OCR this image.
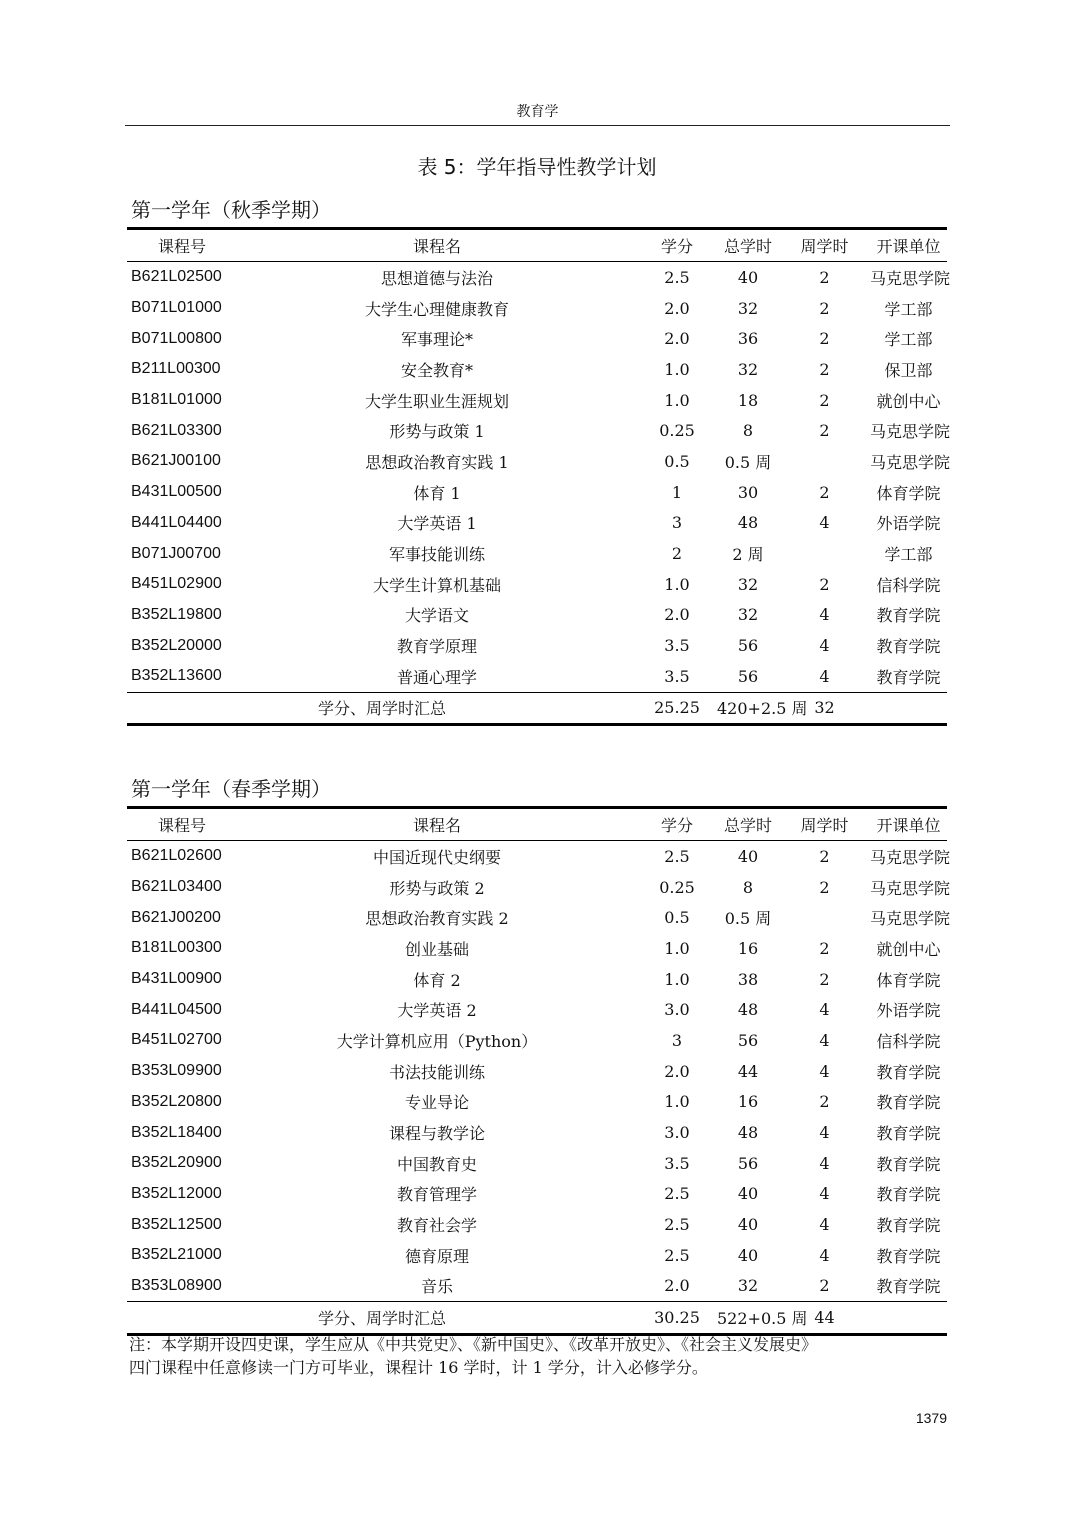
教育学
表 5：学年指导性教学计划
第一学年（秋季学期）
课程号	课程名	学分	总学时	周学时	开课单位
B621L02500	思想道德与法治	2.5	40	2	马克思学院
B071L01000	大学生心理健康教育	2.0	32	2	学工部
B071L00800	军事理论*	2.0	36	2	学工部
B211L00300	安全教育*	1.0	32	2	保卫部
B181L01000	大学生职业生涯规划	1.0	18	2	就创中心
B621L03300	形势与政策 1	0.25	8	2	马克思学院
B621J00100	思想政治教育实践 1	0.5	0.5 周		马克思学院
B431L00500	体育 1	1	30	2	体育学院
B441L04400	大学英语 1	3	48	4	外语学院
B071J00700	军事技能训练	2	2 周		学工部
B451L02900	大学生计算机基础	1.0	32	2	信科学院
B352L19800	大学语文	2.0	32	4	教育学院
B352L20000	教育学原理	3.5	56	4	教育学院
B352L13600	普通心理学	3.5	56	4	教育学院
学分、周学时汇总		25.25	420+2.5 周	32	
第一学年（春季学期）
课程号	课程名	学分	总学时	周学时	开课单位
B621L02600	中国近现代史纲要	2.5	40	2	马克思学院
B621L03400	形势与政策 2	0.25	8	2	马克思学院
B621J00200	思想政治教育实践 2	0.5	0.5 周		马克思学院
B181L00300	创业基础	1.0	16	2	就创中心
B431L00900	体育 2	1.0	38	2	体育学院
B441L04500	大学英语 2	3.0	48	4	外语学院
B451L02700	大学计算机应用（Python）	3	56	4	信科学院
B353L09900	书法技能训练	2.0	44	4	教育学院
B352L20800	专业导论	1.0	16	2	教育学院
B352L18400	课程与教学论	3.0	48	4	教育学院
B352L20900	中国教育史	3.5	56	4	教育学院
B352L12000	教育管理学	2.5	40	4	教育学院
B352L12500	教育社会学	2.5	40	4	教育学院
B352L21000	德育原理	2.5	40	4	教育学院
B353L08900	音乐	2.0	32	2	教育学院
学分、周学时汇总		30.25	522+0.5 周	44	
注：本学期开设四史课，学生应从《中共党史》、《新中国史》、《改革开放史》、《社会主义发展史》
四门课程中任意修读一门方可毕业，课程计 16 学时，计 1 学分，计入必修学分。
1379
